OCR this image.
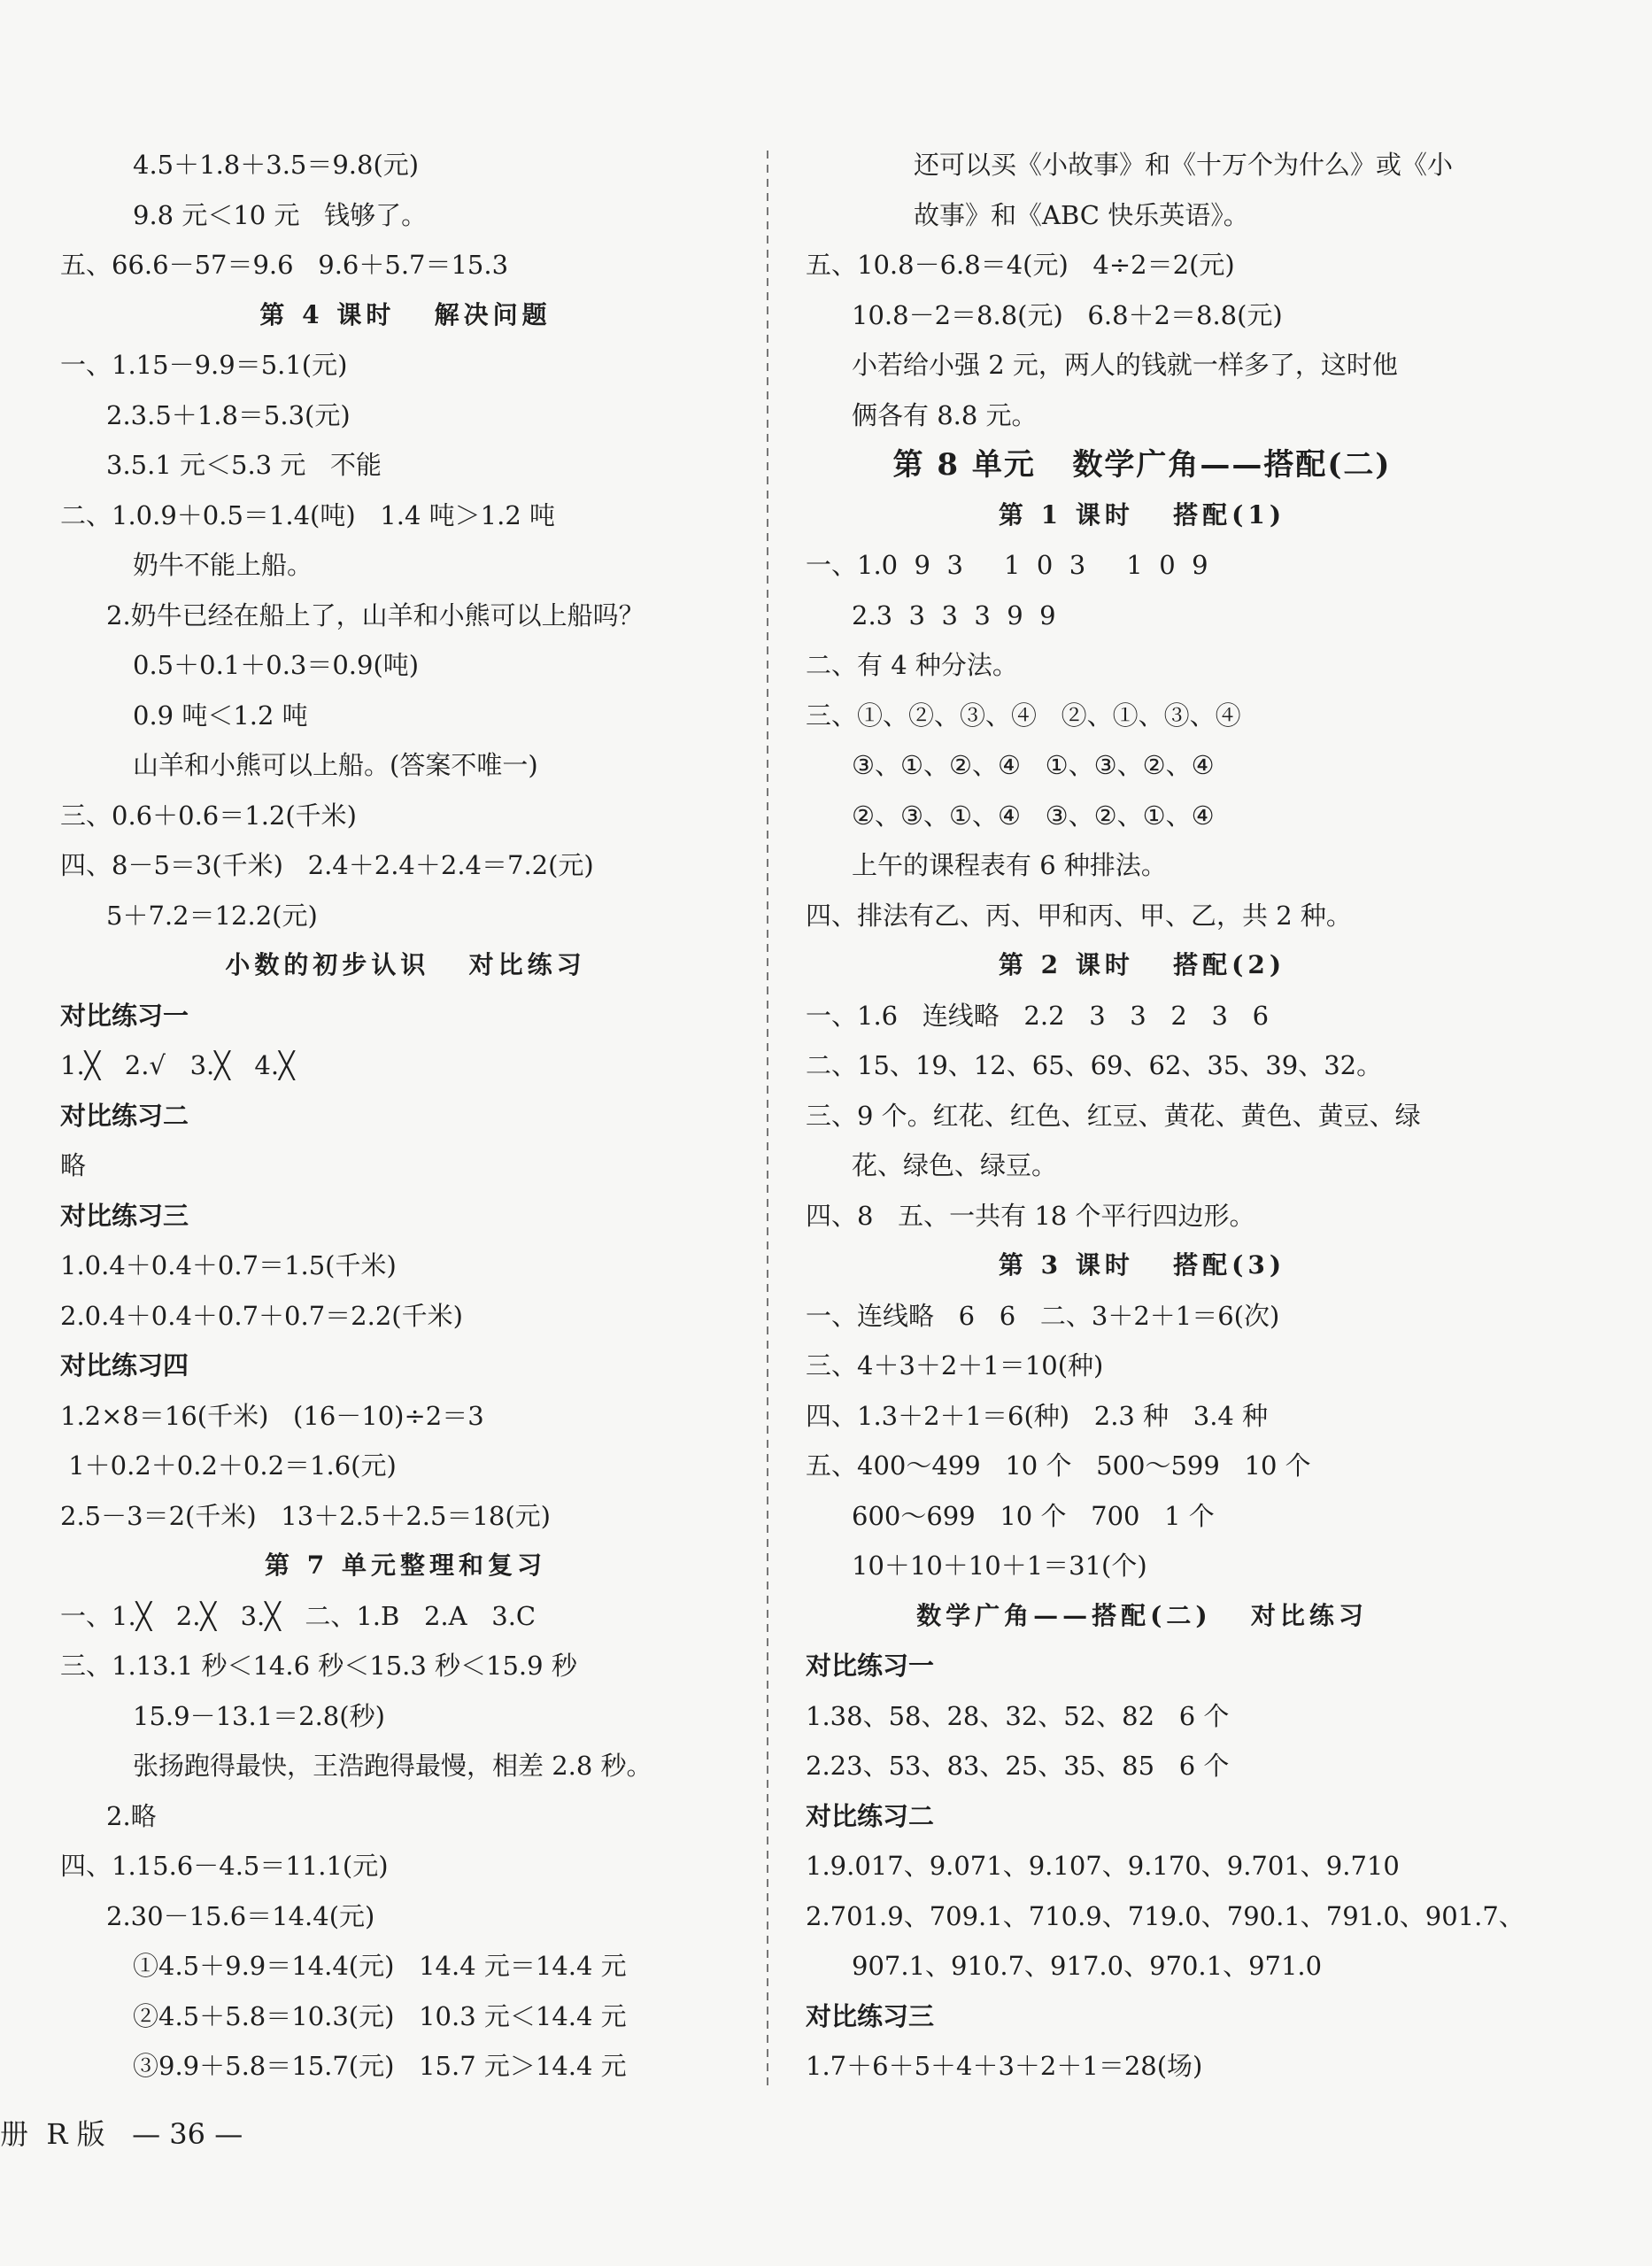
4.5＋1.8＋3.5＝9.8(元)
9.8 元＜10 元   钱够了。
五、66.6－57＝9.6   9.6＋5.7＝15.3
第 4 课时   解决问题
一、1.15－9.9＝5.1(元)
2.3.5＋1.8＝5.3(元)
3.5.1 元＜5.3 元   不能
二、1.0.9＋0.5＝1.4(吨)   1.4 吨＞1.2 吨
奶牛不能上船。
2.奶牛已经在船上了，山羊和小熊可以上船吗？
0.5＋0.1＋0.3＝0.9(吨)
0.9 吨＜1.2 吨
山羊和小熊可以上船。(答案不唯一)
三、0.6＋0.6＝1.2(千米)
四、8－5＝3(千米)   2.4＋2.4＋2.4＝7.2(元)
5＋7.2＝12.2(元)
小数的初步认识   对比练习
对比练习一
1.╳   2.√   3.╳   4.╳
对比练习二
略
对比练习三
1.0.4＋0.4＋0.7＝1.5(千米)
2.0.4＋0.4＋0.7＋0.7＝2.2(千米)
对比练习四
1.2×8＝16(千米)   (16－10)÷2＝3
1＋0.2＋0.2＋0.2＝1.6(元)
2.5－3＝2(千米)   13＋2.5＋2.5＝18(元)
第 7 单元整理和复习
一、1.╳   2.╳   3.╳   二、1.B   2.A   3.C
三、1.13.1 秒＜14.6 秒＜15.3 秒＜15.9 秒
15.9－13.1＝2.8(秒)
张扬跑得最快，王浩跑得最慢，相差 2.8 秒。
2.略
四、1.15.6－4.5＝11.1(元)
2.30－15.6＝14.4(元)
①4.5＋9.9＝14.4(元)   14.4 元＝14.4 元
②4.5＋5.8＝10.3(元)   10.3 元＜14.4 元
③9.9＋5.8＝15.7(元)   15.7 元＞14.4 元
还可以买《小故事》和《十万个为什么》或《小
故事》和《ABC 快乐英语》。
五、10.8－6.8＝4(元)   4÷2＝2(元)
10.8－2＝8.8(元)   6.8＋2＝8.8(元)
小若给小强 2 元，两人的钱就一样多了，这时他
俩各有 8.8 元。
第 8 单元   数学广角——搭配(二)
第 1 课时   搭配(1)
一、1.0  9  3     1  0  3     1  0  9
2.3  3  3  3  9  9
二、有 4 种分法。
三、①、②、③、④   ②、①、③、④
③、①、②、④   ①、③、②、④
②、③、①、④   ③、②、①、④
上午的课程表有 6 种排法。
四、排法有乙、丙、甲和丙、甲、乙，共 2 种。
第 2 课时   搭配(2)
一、1.6   连线略   2.2   3   3   2   3   6
二、15、19、12、65、69、62、35、39、32。
三、9 个。红花、红色、红豆、黄花、黄色、黄豆、绿
花、绿色、绿豆。
四、8   五、一共有 18 个平行四边形。
第 3 课时   搭配(3)
一、连线略   6   6   二、3＋2＋1＝6(次)
三、4＋3＋2＋1＝10(种)
四、1.3＋2＋1＝6(种)   2.3 种   3.4 种
五、400～499   10 个   500～599   10 个
600～699   10 个   700   1 个
10＋10＋10＋1＝31(个)
数学广角——搭配(二)   对比练习
对比练习一
1.38、58、28、32、52、82   6 个
2.23、53、83、25、35、85   6 个
对比练习二
1.9.017、9.071、9.107、9.170、9.701、9.710
2.701.9、709.1、710.9、719.0、790.1、791.0、901.7、
907.1、910.7、917.0、970.1、971.0
对比练习三
1.7＋6＋5＋4＋3＋2＋1＝28(场)
册  R 版   — 36 —
